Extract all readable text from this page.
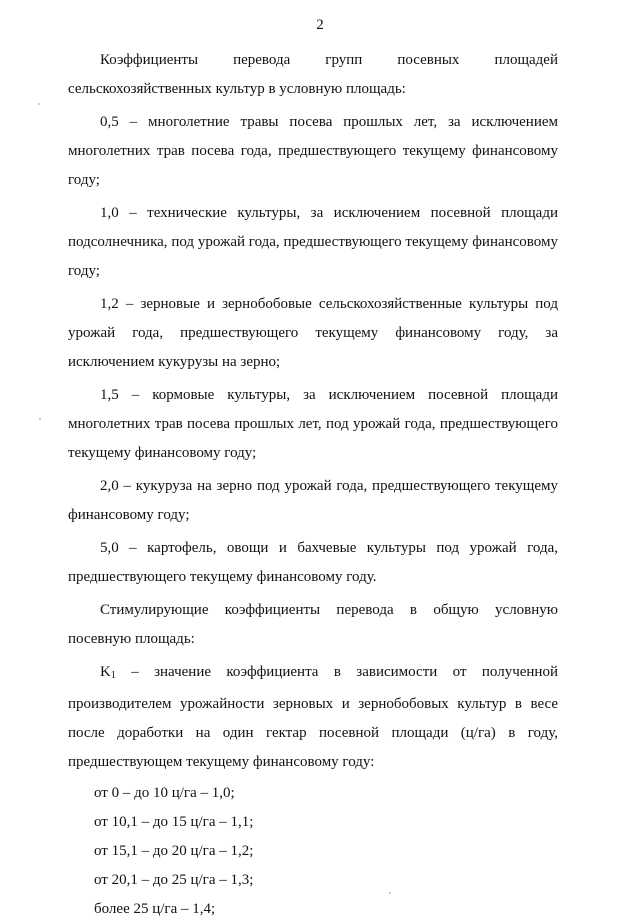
2

Коэффициенты перевода групп посевных площадей сельскохозяйственных культур в условную площадь:

0,5 – многолетние травы посева прошлых лет, за исключением многолетних трав посева года, предшествующего текущему финансовому году;

1,0 – технические культуры, за исключением посевной площади подсолнечника, под урожай года, предшествующего текущему финансовому году;

1,2 – зерновые и зернобобовые сельскохозяйственные культуры под урожай года, предшествующего текущему финансовому году, за исключением кукурузы на зерно;

1,5 – кормовые культуры, за исключением посевной площади многолетних трав посева прошлых лет, под урожай года, предшествующего текущему финансовому году;

2,0 – кукуруза на зерно под урожай года, предшествующего текущему финансовому году;

5,0 – картофель, овощи и бахчевые культуры под урожай года, предшествующего текущему финансовому году.

Стимулирующие коэффициенты перевода в общую условную посевную площадь:

$K_1$ – значение коэффициента в зависимости от полученной производителем урожайности зерновых и зернобобовых культур в весе после доработки на один гектар посевной площади (ц/га) в году, предшествующем текущему финансовому году:

от 0 – до 10 ц/га – 1,0;

от 10,1 – до 15 ц/га – 1,1;

от 15,1 – до 20 ц/га – 1,2;

от 20,1 – до 25 ц/га – 1,3;

более 25 ц/га – 1,4;
